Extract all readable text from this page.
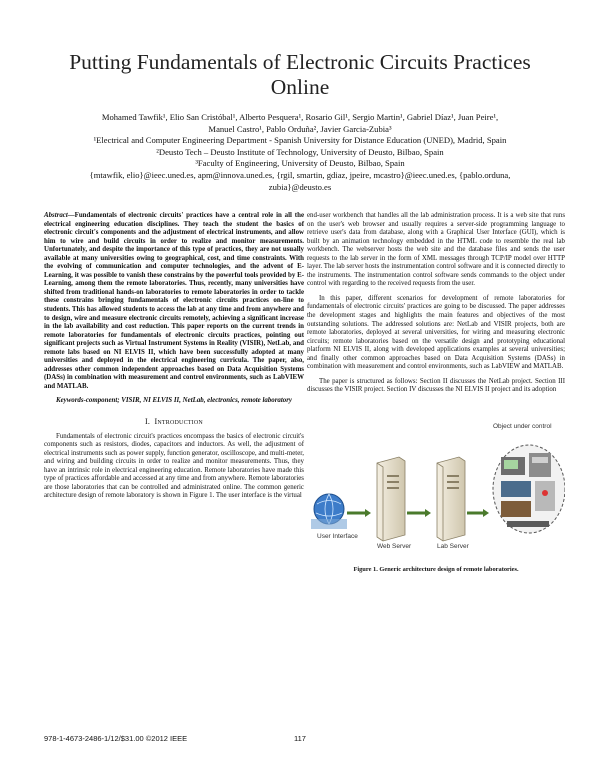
Putting Fundamentals of Electronic Circuits Practices Online
Mohamed Tawfik¹, Elio San Cristóbal¹, Alberto Pesquera¹, Rosario Gil¹, Sergio Martin¹, Gabriel Díaz¹, Juan Peire¹,
Manuel Castro¹, Pablo Orduña², Javier Garcia-Zubia³
¹Electrical and Computer Engineering Department - Spanish University for Distance Education (UNED), Madrid, Spain
²Deusto Tech – Deusto Institute of Technology, University of Deusto, Bilbao, Spain
³Faculty of Engineering, University of Deusto, Bilbao, Spain
{mtawfik, elio}@ieec.uned.es, apm@innova.uned.es, {rgil, smartin, gdiaz, jpeire, mcastro}@ieec.uned.es, {pablo.orduna,
zubia}@deusto.es

Abstract—Fundamentals of electronic circuits' practices have a central role in all the electrical engineering education disciplines. They teach the student the basics of electronic circuit's components and the adjustment of electrical instruments, and allow him to wire and build circuits in order to realize and monitor measurements. Unfortunately, and despite the importance of this type of practices, they are not usually available at many universities owing to geographical, cost, and time constraints. With the evolving of communication and computer technologies, and the advent of E-Learning, it was possible to vanish these constrains by the powerful tools provided by E-Learning, among them the remote laboratories. Thus, recently, many universities have shifted from traditional hands-on laboratories to remote laboratories in order to tackle these constrains bringing fundamentals of electronic circuits practices on-line to students. This has allowed students to access the lab at any time and from anywhere and to design, wire and measure electronic circuits remotely, achieving a significant increase in the lab availability and cost reduction. This paper reports on the current trends in remote laboratories for fundamentals of electronic circuits practices, pointing out significant projects such as Virtual Instrument Systems in Reality (VISIR), NetLab, and remote labs based on NI ELVIS II, which have been successfully adopted at many universities and deployed in the electrical engineering curricula. The paper, also, addresses other common independent approaches based on Data Acquisition Systems (DASs) in combination with measurement and control environments, such as LabVIEW and MATLAB.

Keywords-component; VISIR, NI ELVIS II, NetLab, electronics, remote laboratory

I. Introduction

Fundamentals of electronic circuit's practices encompass the basics of electronic circuit's components such as resistors, diodes, capacitors and inductors. As well, the adjustment of electrical instruments such as power supply, function generator, oscilloscope, and multi-meter, and wiring and building circuits in order to realize and monitor measurements. Thus, they have an intrinsic role in electrical engineering education. Remote laboratories have made this type of practices affordable and accessed at any time and from anywhere. Remote laboratories are those laboratories that can be controlled and administrated online. The common generic architecture design of remote laboratory is shown in Figure 1. The user interface is the virtual

end-user workbench that handles all the lab administration process. It is a web site that runs on the user's web browser and usually requires a server-side programming language to retrieve user's data from database, along with a Graphical User Interface (GUI), which is built by an animation technology embedded in the HTML code to resemble the real lab workbench. The webserver hosts the web site and the database files and sends the user requests to the lab server in the form of XML messages through TCP/IP model over HTTP layer. The lab server hosts the instrumentation control software and it is connected directly to the instruments. The instrumentation control software sends commands to the object under control with regarding to the received requests from the user.

In this paper, different scenarios for development of remote laboratories for fundamentals of electronic circuits' practices are going to be discussed. The paper addresses the development stages and highlights the main features and objectives of the most outstanding solutions. The addressed solutions are: NetLab and VISIR projects, both are remote laboratories, deployed at several universities, for wiring and measuring electronic circuits; remote laboratories based on the versatile design and prototyping educational platform NI ELVIS II, along with developed applications examples at several universities; and finally other common approaches based on Data Acquisition Systems (DASs) in combination with measurement and control environments, such as LabVIEW and MATLAB.

The paper is structured as follows: Section II discusses the NetLab project. Section III discusses the VISIR project. Section IV discusses the NI ELVIS II project and its adoption

User Interface
Web Server	Lab Server
Object under control
Figure 1. Generic architecture design of remote laboratories.
978-1-4673-2486-1/12/$31.00 ©2012 IEEE	117
